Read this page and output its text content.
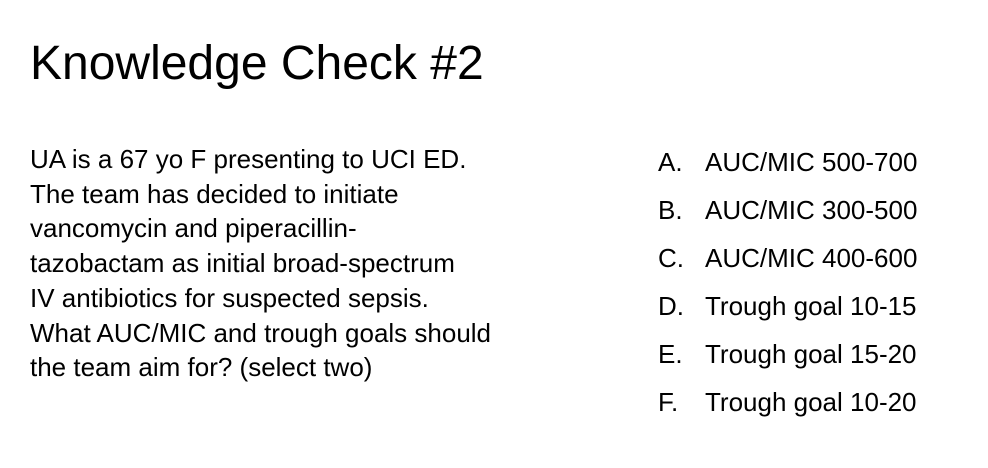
Knowledge Check #2
UA is a 67 yo F presenting to UCI ED.
The team has decided to initiate
vancomycin and piperacillin-
tazobactam as initial broad-spectrum
IV antibiotics for suspected sepsis.
What AUC/MIC and trough goals should
the team aim for? (select two)
A. AUC/MIC 500-700
B. AUC/MIC 300-500
C. AUC/MIC 400-600
D. Trough goal 10-15
E. Trough goal 15-20
F.	Trough goal 10-20
